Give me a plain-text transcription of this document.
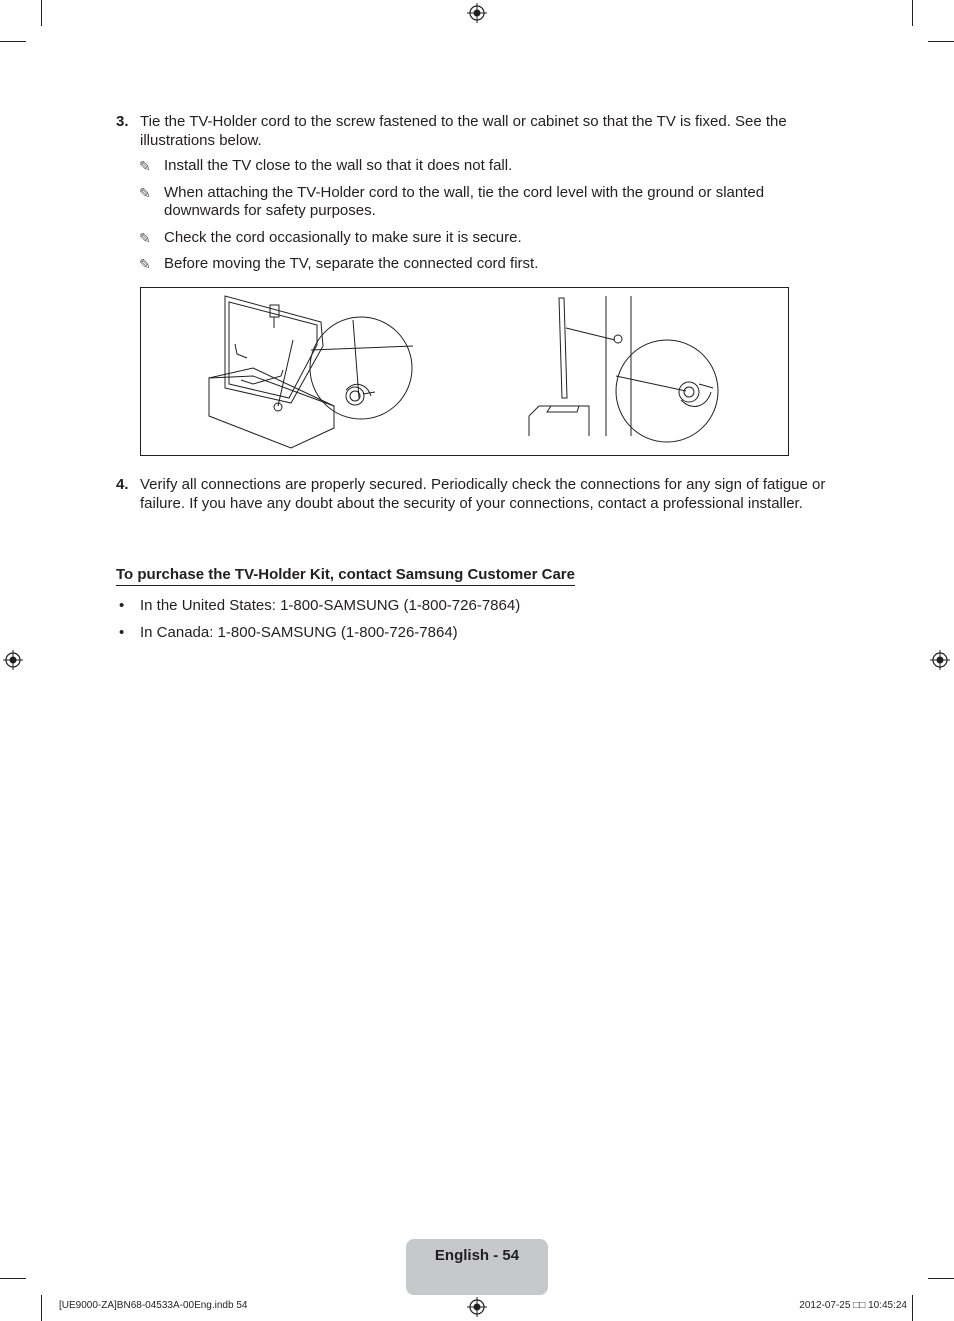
3. Tie the TV-Holder cord to the screw fastened to the wall or cabinet so that the TV is fixed. See the illustrations below.
✎ Install the TV close to the wall so that it does not fall.
✎ When attaching the TV-Holder cord to the wall, tie the cord level with the ground or slanted downwards for safety purposes.
✎ Check the cord occasionally to make sure it is secure.
✎ Before moving the TV, separate the connected cord first.
4. Verify all connections are properly secured. Periodically check the connections for any sign of fatigue or failure. If you have any doubt about the security of your connections, contact a professional installer.
To purchase the TV-Holder Kit, contact Samsung Customer Care
• In the United States: 1-800-SAMSUNG (1-800-726-7864)
• In Canada: 1-800-SAMSUNG (1-800-726-7864)
English - 54
[UE9000-ZA]BN68-04533A-00Eng.indb 54	2012-07-25 □□ 10:45:24
